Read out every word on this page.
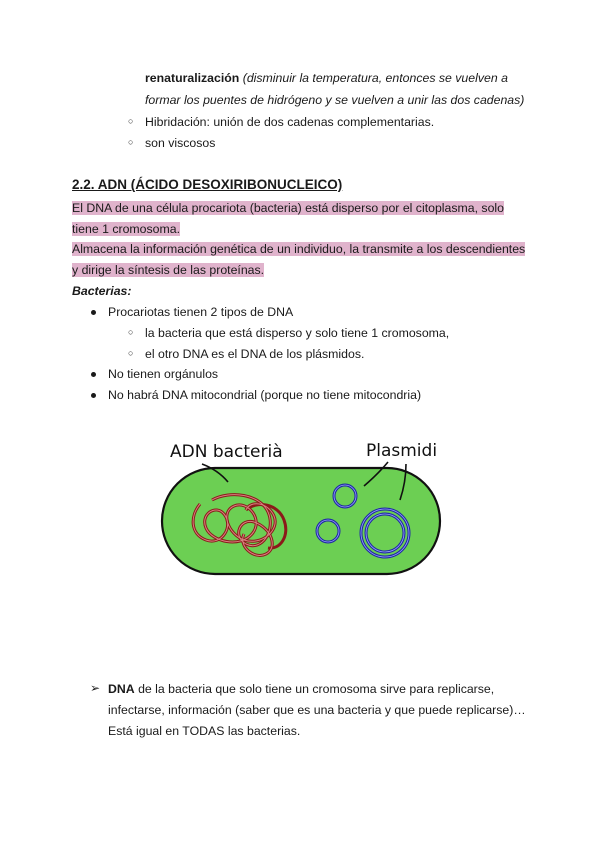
renaturalización (disminuir la temperatura, entonces se vuelven a
formar los puentes de hidrógeno y se vuelven a unir las dos cadenas)
○ Hibridación: unión de dos cadenas complementarias.
○ son viscosos
2.2. ADN (ÁCIDO DESOXIRIBONUCLEICO)
El DNA de una célula procariota (bacteria) está disperso por el citoplasma, solo
tiene 1 cromosoma.
Almacena la información genética de un individuo, la transmite a los descendientes
y dirige la síntesis de las proteínas.
Bacterias:
Procariotas tienen 2 tipos de DNA
○ la bacteria que está disperso y solo tiene 1 cromosoma,
○ el otro DNA es el DNA de los plásmidos.
No tienen orgánulos
No habrá DNA mitocondrial (porque no tiene mitocondria)
ADN bacterià	Plasmidi
➢ DNA de la bacteria que solo tiene un cromosoma sirve para replicarse,
infectarse, información (saber que es una bacteria y que puede replicarse)…
Está igual en TODAS las bacterias.
